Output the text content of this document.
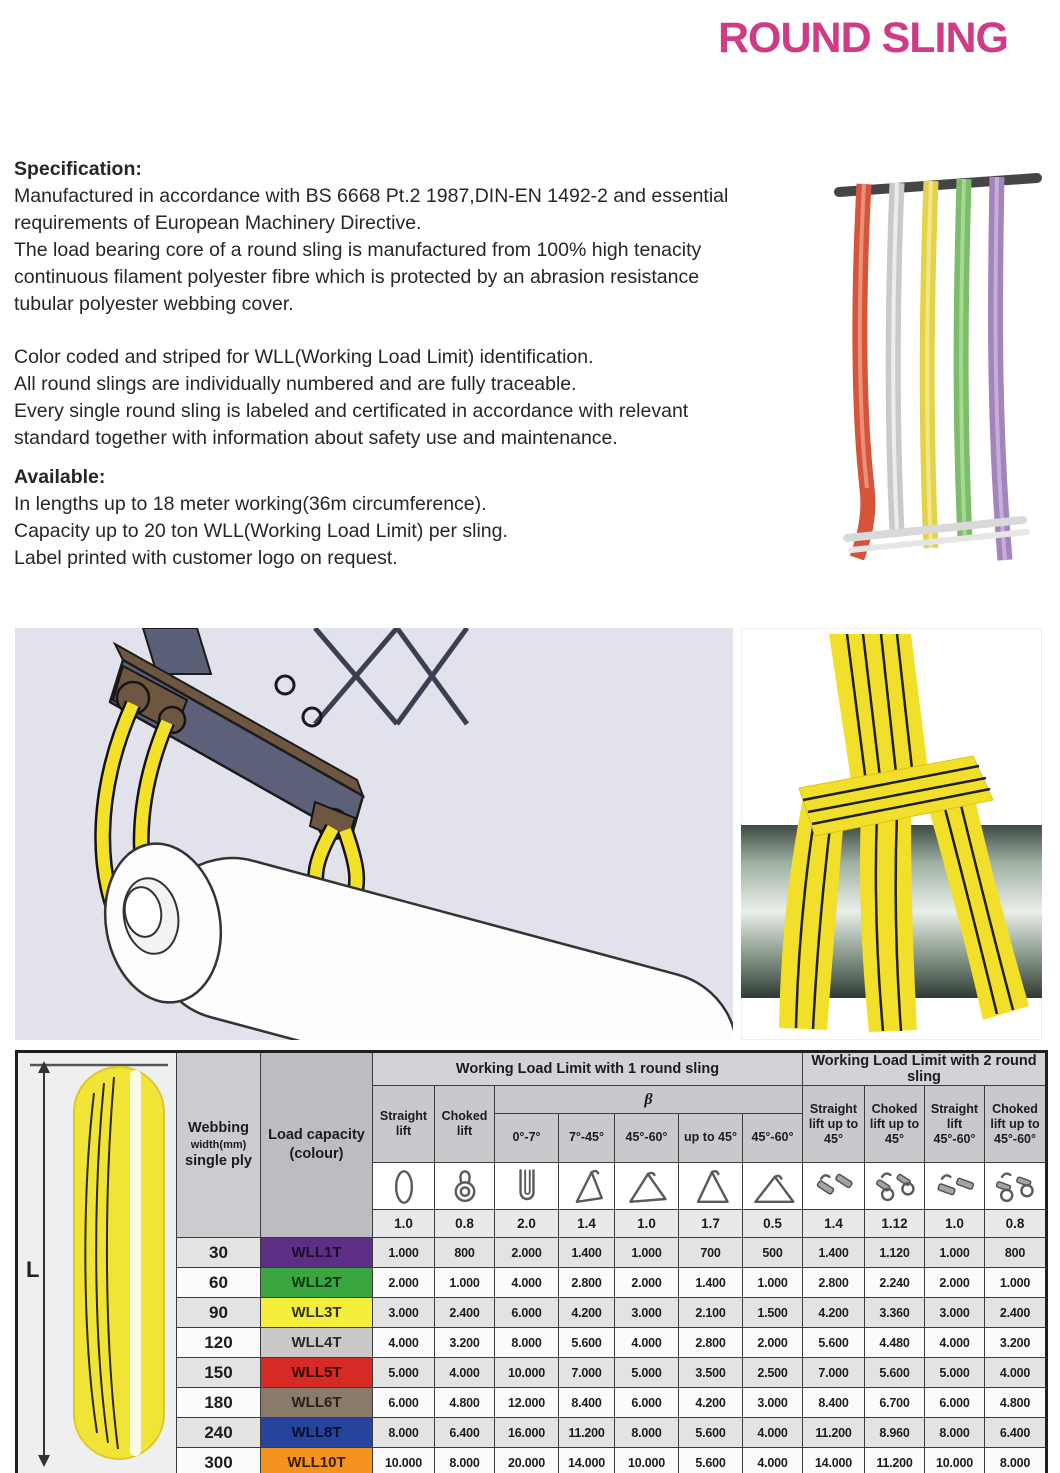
ROUND SLING
Specification:
Manufactured in accordance with BS 6668 Pt.2 1987,DIN-EN 1492-2 and essential
requirements of European Machinery Directive.
The load bearing core of a round sling is manufactured from 100% high tenacity
continuous filament polyester fibre which is protected by an abrasion resistance
tubular polyester webbing cover.
Color coded and striped for WLL(Working Load Limit) identification.
All round slings are individually numbered and are fully traceable.
Every single round sling is labeled and certificated in accordance with relevant
standard together with information about safety use and maintenance.
Available:
In lengths up to 18 meter working(36m circumference).
Capacity up to 20 ton WLL(Working Load Limit) per sling.
Label printed with customer logo on request.
L

Webbing
width(mm)
single ply

Load capacity
(colour)
	Working Load Limit with 1 round sling	Working Load Limit with 2 round sling
			Straight lift	Choked lift	β					Straight lift up to 45°	Choked lift up to 45°	Straight lift 45°-60°	Choked lift up to 45°-60°
					0°-7°	7°-45°	45°-60°	up to 45°	45°-60°				

			1.0	0.8	2.0	1.4	1.0	1.7	0.5	1.4	1.12	1.0	0.8
	30	WLL1T	1.000	800	2.000	1.400	1.000	700	500	1.400	1.120	1.000	800
	60	WLL2T	2.000	1.000	4.000	2.800	2.000	1.400	1.000	2.800	2.240	2.000	1.000
	90	WLL3T	3.000	2.400	6.000	4.200	3.000	2.100	1.500	4.200	3.360	3.000	2.400
	120	WLL4T	4.000	3.200	8.000	5.600	4.000	2.800	2.000	5.600	4.480	4.000	3.200
	150	WLL5T	5.000	4.000	10.000	7.000	5.000	3.500	2.500	7.000	5.600	5.000	4.000
	180	WLL6T	6.000	4.800	12.000	8.400	6.000	4.200	3.000	8.400	6.700	6.000	4.800
	240	WLL8T	8.000	6.400	16.000	11.200	8.000	5.600	4.000	11.200	8.960	8.000	6.400
	300	WLL10T	10.000	8.000	20.000	14.000	10.000	5.600	4.000	14.000	11.200	10.000	8.000
